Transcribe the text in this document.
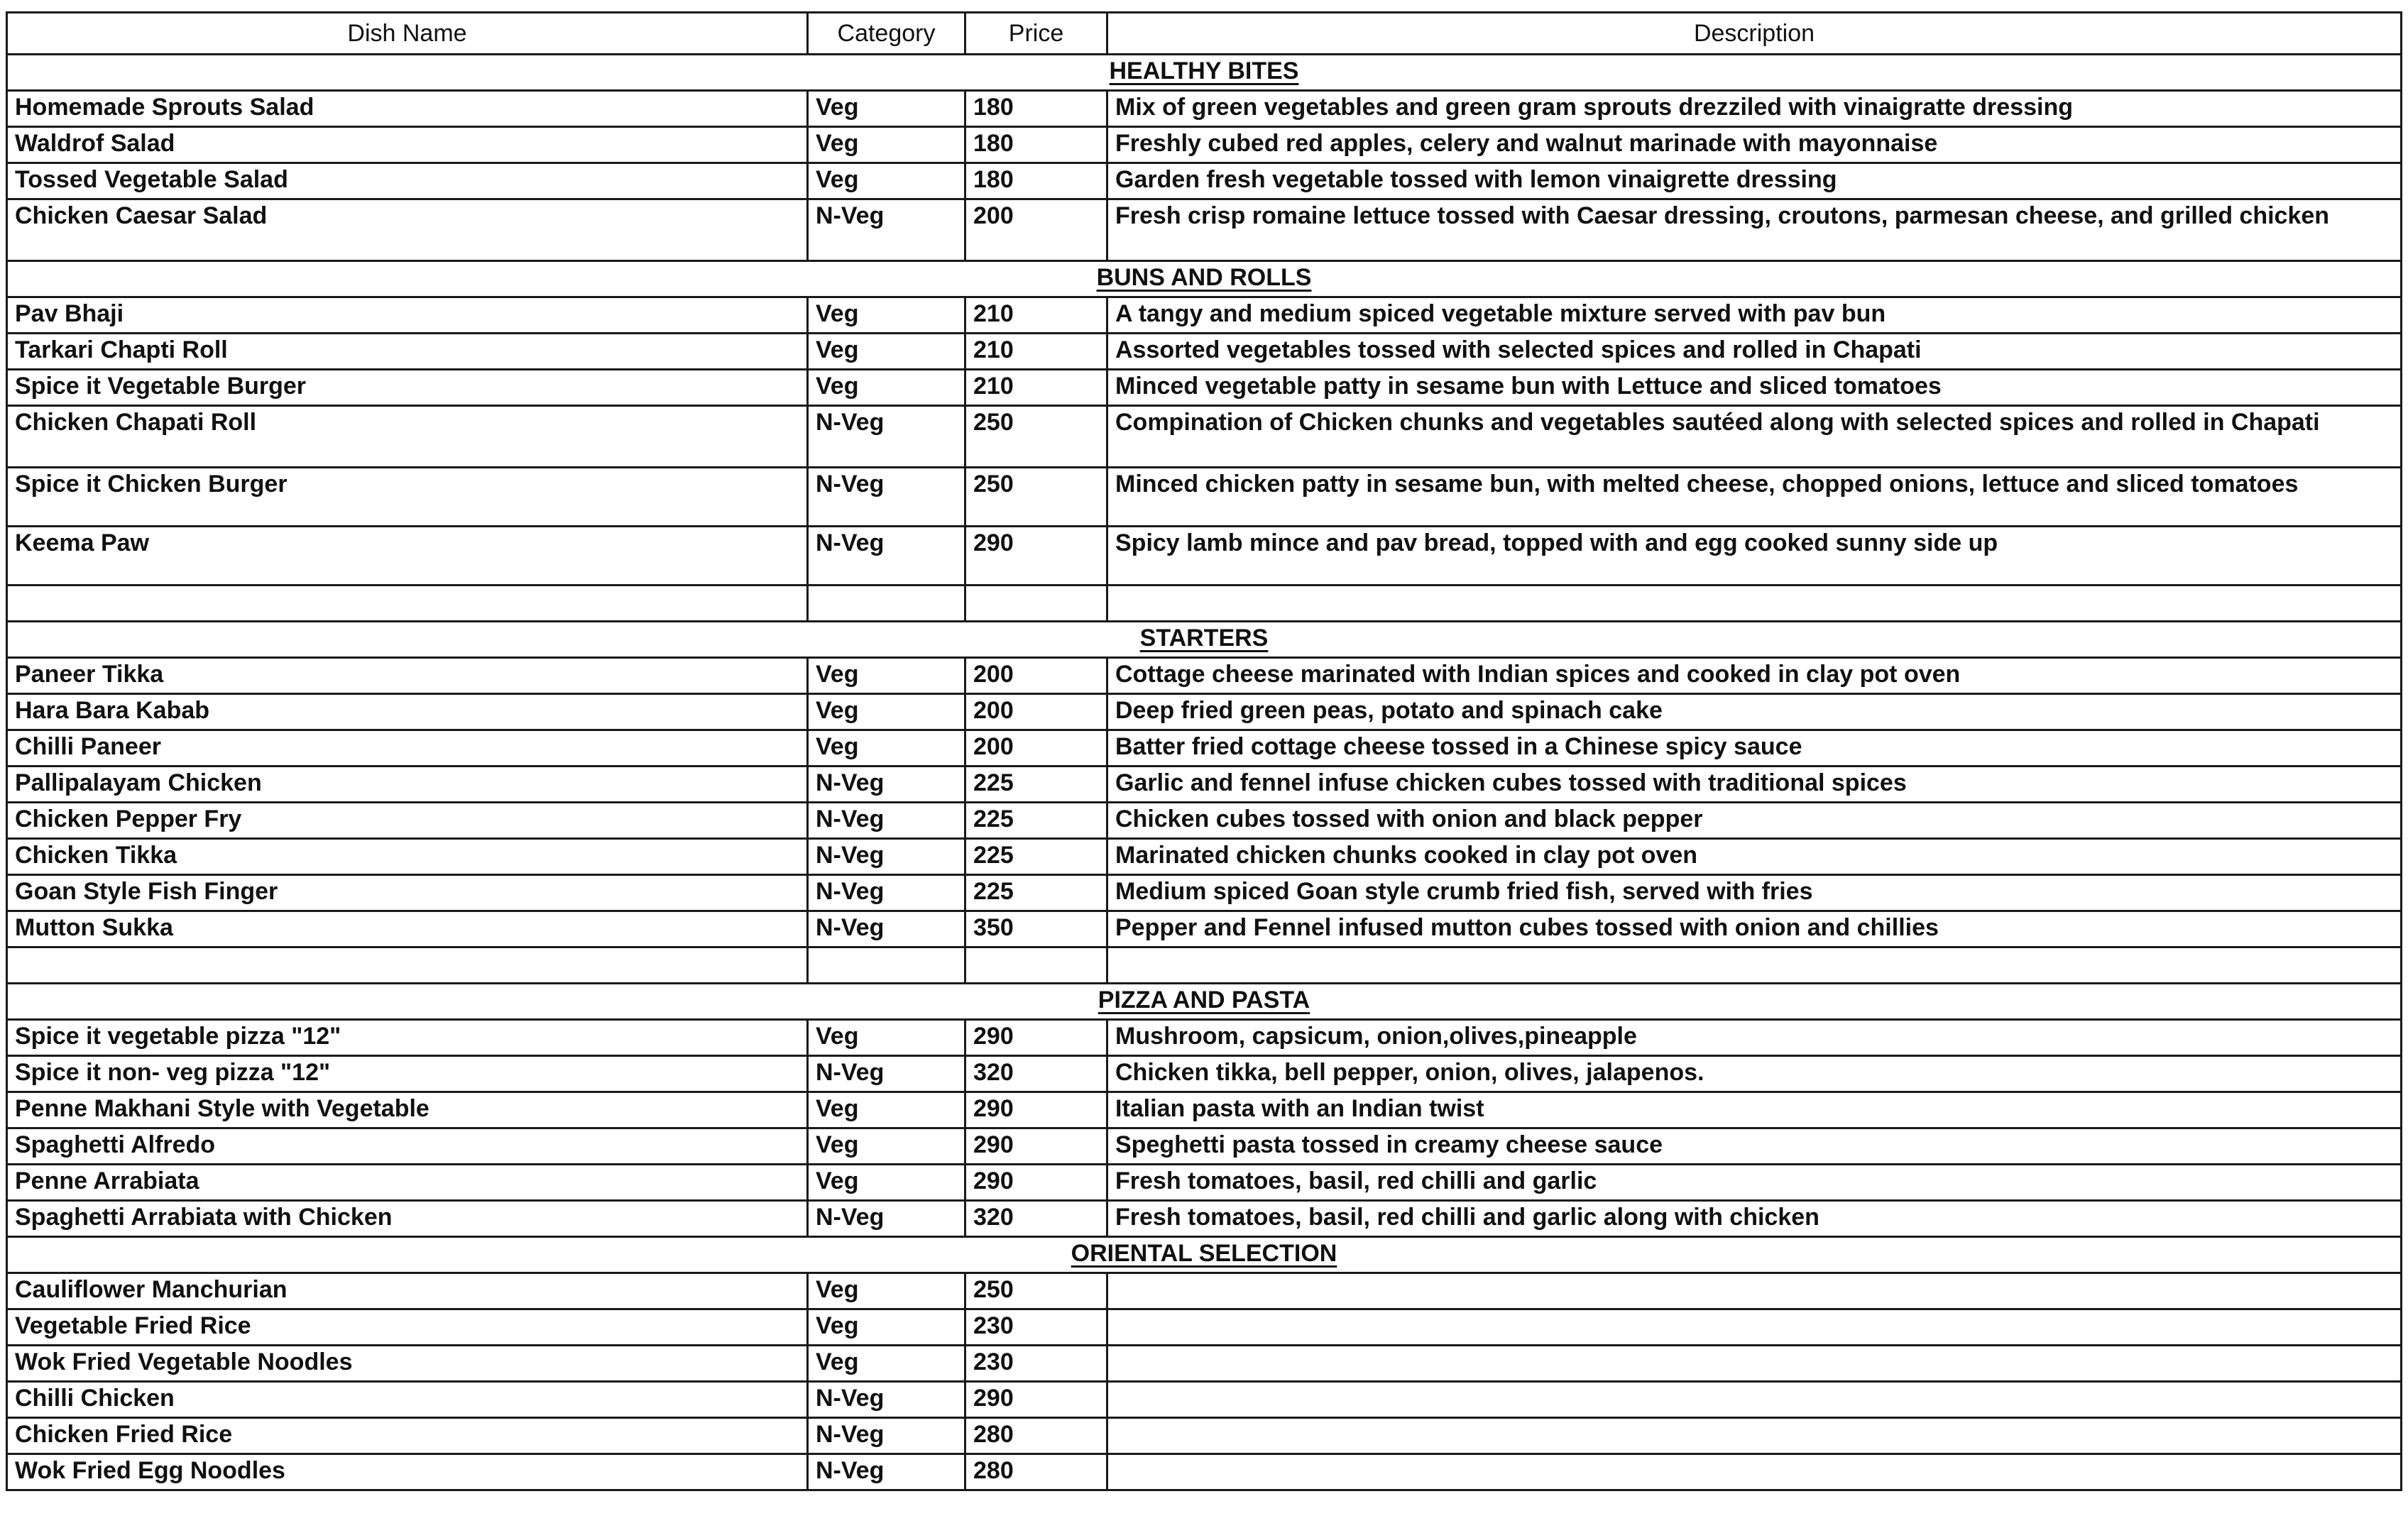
Dish Name	Category	Price	Description
HEALTHY BITES			
Homemade Sprouts Salad	Veg	180	Mix of green vegetables and green gram sprouts drezziled with vinaigratte dressing
Waldrof Salad	Veg	180	Freshly cubed red apples, celery and walnut marinade with mayonnaise
Tossed Vegetable Salad	Veg	180	Garden fresh vegetable tossed with lemon vinaigrette dressing
Chicken Caesar Salad	N-Veg	200	Fresh crisp romaine lettuce tossed with Caesar dressing, croutons, parmesan cheese, and grilled chicken
BUNS AND ROLLS			
Pav Bhaji	Veg	210	A tangy and medium spiced vegetable mixture served with pav bun
Tarkari Chapti Roll	Veg	210	Assorted vegetables tossed with selected spices and rolled in Chapati
Spice it Vegetable Burger	Veg	210	Minced vegetable patty in sesame bun with Lettuce and sliced tomatoes
Chicken Chapati Roll	N-Veg	250	Compination of Chicken chunks and vegetables sautéed along with selected spices and rolled in Chapati
Spice it Chicken Burger	N-Veg	250	Minced chicken patty in sesame bun, with melted cheese, chopped onions, lettuce and sliced tomatoes
Keema Paw	N-Veg	290	Spicy lamb mince and pav bread, topped with and egg cooked sunny side up

STARTERS			
Paneer Tikka	Veg	200	Cottage cheese marinated with Indian spices and cooked in clay pot oven
Hara Bara Kabab	Veg	200	Deep fried green peas, potato and spinach cake
Chilli Paneer	Veg	200	Batter fried cottage cheese tossed in a Chinese spicy sauce
Pallipalayam Chicken	N-Veg	225	Garlic and fennel infuse chicken cubes tossed with traditional spices
Chicken Pepper Fry	N-Veg	225	Chicken cubes tossed with onion and black pepper
Chicken Tikka	N-Veg	225	Marinated chicken chunks cooked in clay pot oven
Goan Style Fish Finger	N-Veg	225	Medium spiced Goan style crumb fried fish, served with fries
Mutton Sukka	N-Veg	350	Pepper and Fennel infused mutton cubes tossed with onion and chillies

PIZZA AND PASTA			
Spice it vegetable pizza "12"	Veg	290	Mushroom, capsicum, onion,olives,pineapple
Spice it non- veg pizza "12"	N-Veg	320	Chicken tikka, bell pepper, onion, olives, jalapenos.
Penne Makhani Style with Vegetable	Veg	290	Italian pasta with an Indian twist
Spaghetti Alfredo	Veg	290	Speghetti pasta tossed in creamy cheese sauce
Penne Arrabiata	Veg	290	Fresh tomatoes, basil, red chilli and garlic
Spaghetti Arrabiata with Chicken	N-Veg	320	Fresh tomatoes, basil, red chilli and garlic along with chicken
ORIENTAL SELECTION			
Cauliflower Manchurian	Veg	250	
Vegetable Fried Rice	Veg	230	
Wok Fried Vegetable Noodles	Veg	230	
Chilli Chicken	N-Veg	290	
Chicken Fried Rice	N-Veg	280	
Wok Fried Egg Noodles	N-Veg	280	
